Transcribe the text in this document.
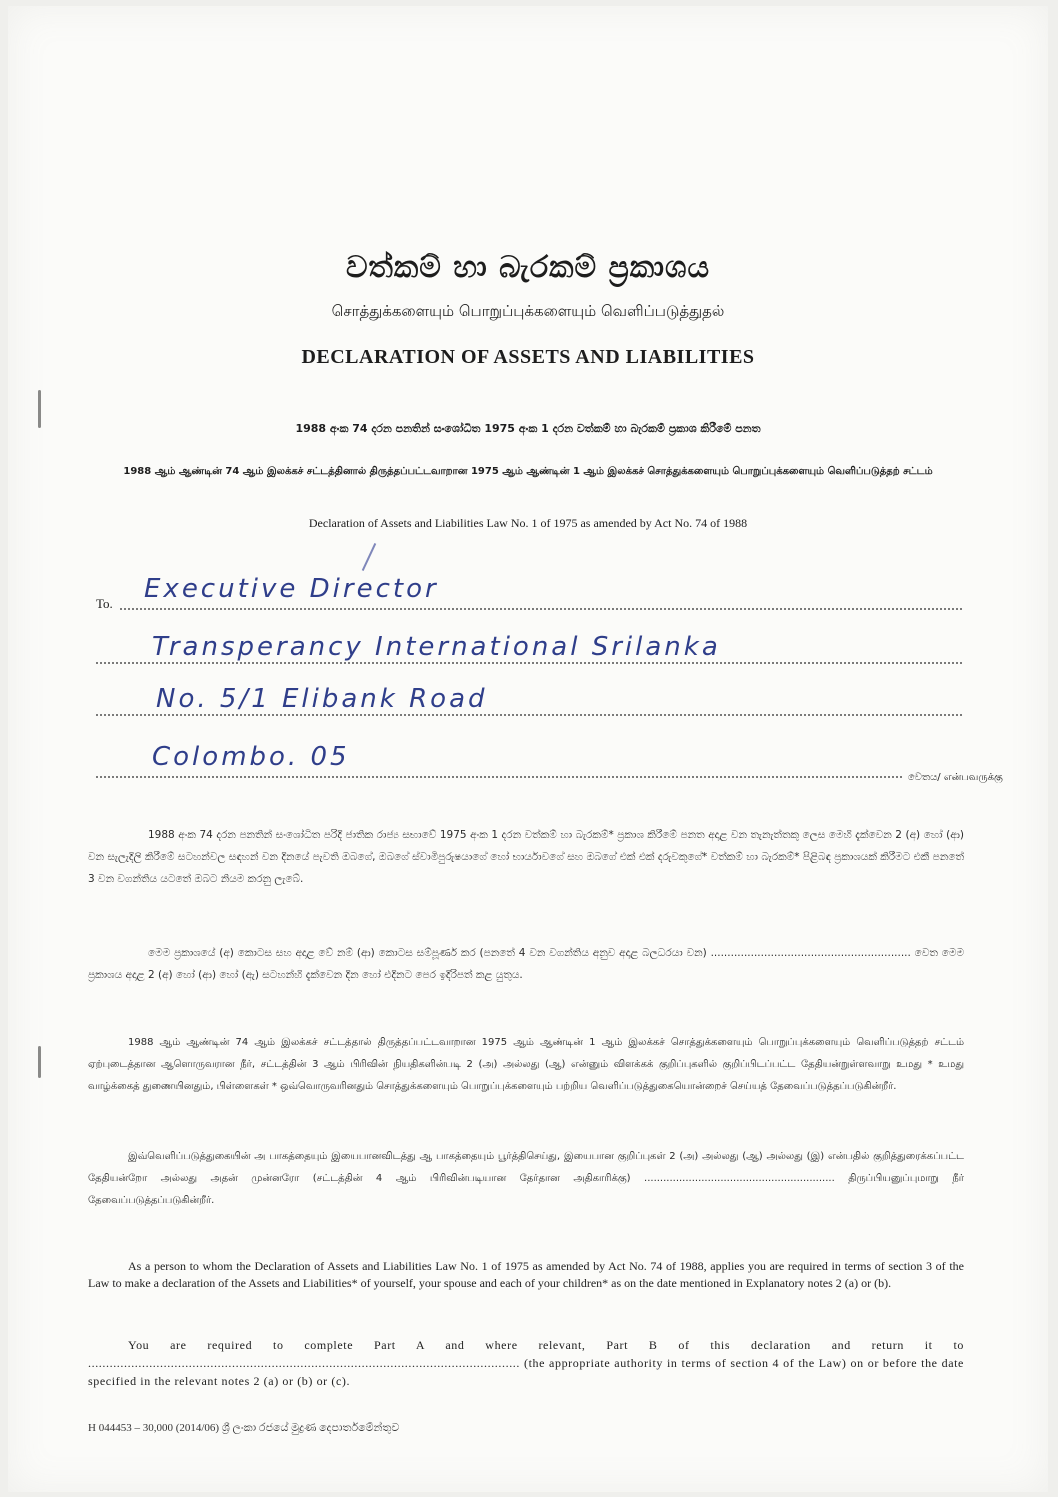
වත්කම් හා බැරකම් ප්‍රකාශය
சொத்துக்களையும் பொறுப்புக்களையும் வெளிப்படுத்துதல்
DECLARATION OF ASSETS AND LIABILITIES
1988 අංක 74 දරන පනතින් සංශෝධිත 1975 අංක 1 දරන වත්කම් හා බැරකම් ප්‍රකාශ කිරීමේ පනත
1988 ஆம் ஆண்டின் 74 ஆம் இலக்கச் சட்டத்தினால் திருத்தப்பட்டவாறான 1975 ஆம் ஆண்டின் 1 ஆம் இலக்கச் சொத்துக்களையும் பொறுப்புக்களையும் வெளிப்படுத்தற் சட்டம்
Declaration of Assets and Liabilities Law No. 1 of 1975 as amended by Act No. 74 of 1988
To. Executive Director
Transperancy International Srilanka
No. 5/1 Elibank Road
Colombo. 05
වෙතය/ என்பவருக்கு
1988 අංක 74 දරන පනතින් සංශෝධිත පරිදි ජාතික රාජ්‍ය සභාවේ 1975 අංක 1 දරන වත්කම් හා බැරකම්* ප්‍රකාශ කිරීමේ පනත අදාළ වන තැනැත්තකු ලෙස මෙහි දැක්වෙන 2 (අ) හෝ (ආ) වන සැලැදිලි කිරීමේ සටහන්වල සඳහන් වන දිනයේ පැවති ඔබගේ, ඔබගේ ස්වාමිපුරුෂයාගේ හෝ භාර්යාවගේ සහ ඔබගේ එක් එක් දරුවකුගේ* වත්කම් හා බැරකම්* පිළිබඳ ප්‍රකාශයක් කිරීමට එකී පනතේ 3 වන වගන්තිය යටතේ ඔබට නියම කරනු ලැබේ.
මෙම ප්‍රකාශයේ (අ) කොටස සහ අදාළ වේ නම් (ආ) කොටස සම්පූර්ණ කර (පනතේ 4 වන වගන්තිය අනුව අදාළ බලධරයා වන) ............................................................ වෙත මෙම ප්‍රකාශය අදාළ 2 (අ) හෝ (ආ) හෝ (ඇ) සටහන්හි දැක්වෙන දින හෝ එදිනට පෙර ඉදිරිපත් කළ යුතුය.
1988 ஆம் ஆண்டின் 74 ஆம் இலக்கச் சட்டத்தால் திருத்தப்பட்டவாறான 1975 ஆம் ஆண்டின் 1 ஆம் இலக்கச் சொத்துக்களையும் பொறுப்புக்களையும் வெளிப்படுத்தற் சட்டம் ஏற்புடைத்தான ஆளொருவரான நீர், சட்டத்தின் 3 ஆம் பிரிவின் நியதிகளின்படி 2 (அ) அல்லது (ஆ) என்னும் விளக்கக் குறிப்புகளில் குறிப்பிடப்பட்ட தேதியன்றுள்ளவாறு உமது * உமது வாழ்க்கைத் துணையினதும், பிள்ளைகள் * ஒவ்வொருவரினதும் சொத்துக்களையும் பொறுப்புக்களையும் பற்றிய வெளிப்படுத்துகையொன்றைச் செய்யத் தேவைப்படுத்தப்படுகின்றீர்.
இவ்வெளிப்படுத்துகையின் அ பாகத்தையும் இயைபானவிடத்து ஆ பாகத்தையும் பூர்த்திசெய்து, இயைபான குறிப்புகள் 2 (அ) அல்லது (ஆ) அல்லது (இ) என்பதில் குறித்துரைக்கப்பட்ட தேதியன்றோ அல்லது அதன் முன்னரோ (சட்டத்தின் 4 ஆம் பிரிவின்படியான தேர்தான அதிகாரிக்கு) ............................................................ திருப்பியனுப்புமாறு நீர் தேவைப்படுத்தப்படுகின்றீர்.
As a person to whom the Declaration of Assets and Liabilities Law No. 1 of 1975 as amended by Act No. 74 of 1988, applies you are required in terms of section 3 of the Law to make a declaration of the Assets and Liabilities* of yourself, your spouse and each of your children* as on the date mentioned in Explanatory notes 2 (a) or (b).
You are required to complete Part A and where relevant, Part B of this declaration and return it to ........................................................................................................................ (the appropriate authority in terms of section 4 of the Law) on or before the date specified in the relevant notes 2 (a) or (b) or (c).
H 044453 – 30,000 (2014/06) ශ්‍රී ලංකා රජයේ මුද්‍රණ දෙපාර්තමේන්තුව
